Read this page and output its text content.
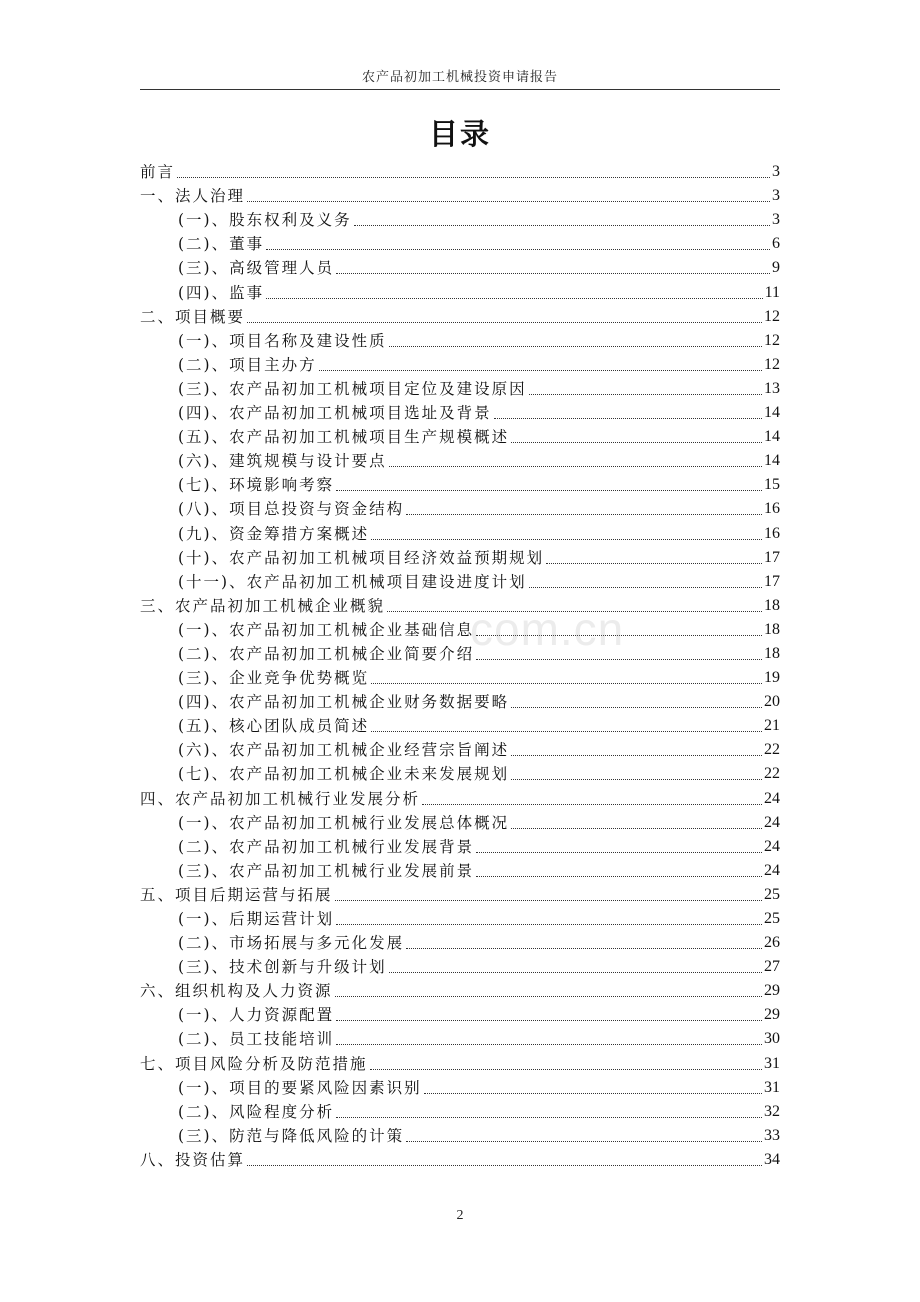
农产品初加工机械投资申请报告
目录
前言	3
一、法人治理	3
(一)、股东权利及义务	3
(二)、董事	6
(三)、高级管理人员	9
(四)、监事	11
二、项目概要	12
(一)、项目名称及建设性质	12
(二)、项目主办方	12
(三)、农产品初加工机械项目定位及建设原因	13
(四)、农产品初加工机械项目选址及背景	14
(五)、农产品初加工机械项目生产规模概述	14
(六)、建筑规模与设计要点	14
(七)、环境影响考察	15
(八)、项目总投资与资金结构	16
(九)、资金筹措方案概述	16
(十)、农产品初加工机械项目经济效益预期规划	17
(十一)、农产品初加工机械项目建设进度计划	17
三、农产品初加工机械企业概貌	18
(一)、农产品初加工机械企业基础信息	18
(二)、农产品初加工机械企业简要介绍	18
(三)、企业竞争优势概览	19
(四)、农产品初加工机械企业财务数据要略	20
(五)、核心团队成员简述	21
(六)、农产品初加工机械企业经营宗旨阐述	22
(七)、农产品初加工机械企业未来发展规划	22
四、农产品初加工机械行业发展分析	24
(一)、农产品初加工机械行业发展总体概况	24
(二)、农产品初加工机械行业发展背景	24
(三)、农产品初加工机械行业发展前景	24
五、项目后期运营与拓展	25
(一)、后期运营计划	25
(二)、市场拓展与多元化发展	26
(三)、技术创新与升级计划	27
六、组织机构及人力资源	29
(一)、人力资源配置	29
(二)、员工技能培训	30
七、项目风险分析及防范措施	31
(一)、项目的要紧风险因素识别	31
(二)、风险程度分析	32
(三)、防范与降低风险的计策	33
八、投资估算	34
com.cn
2
